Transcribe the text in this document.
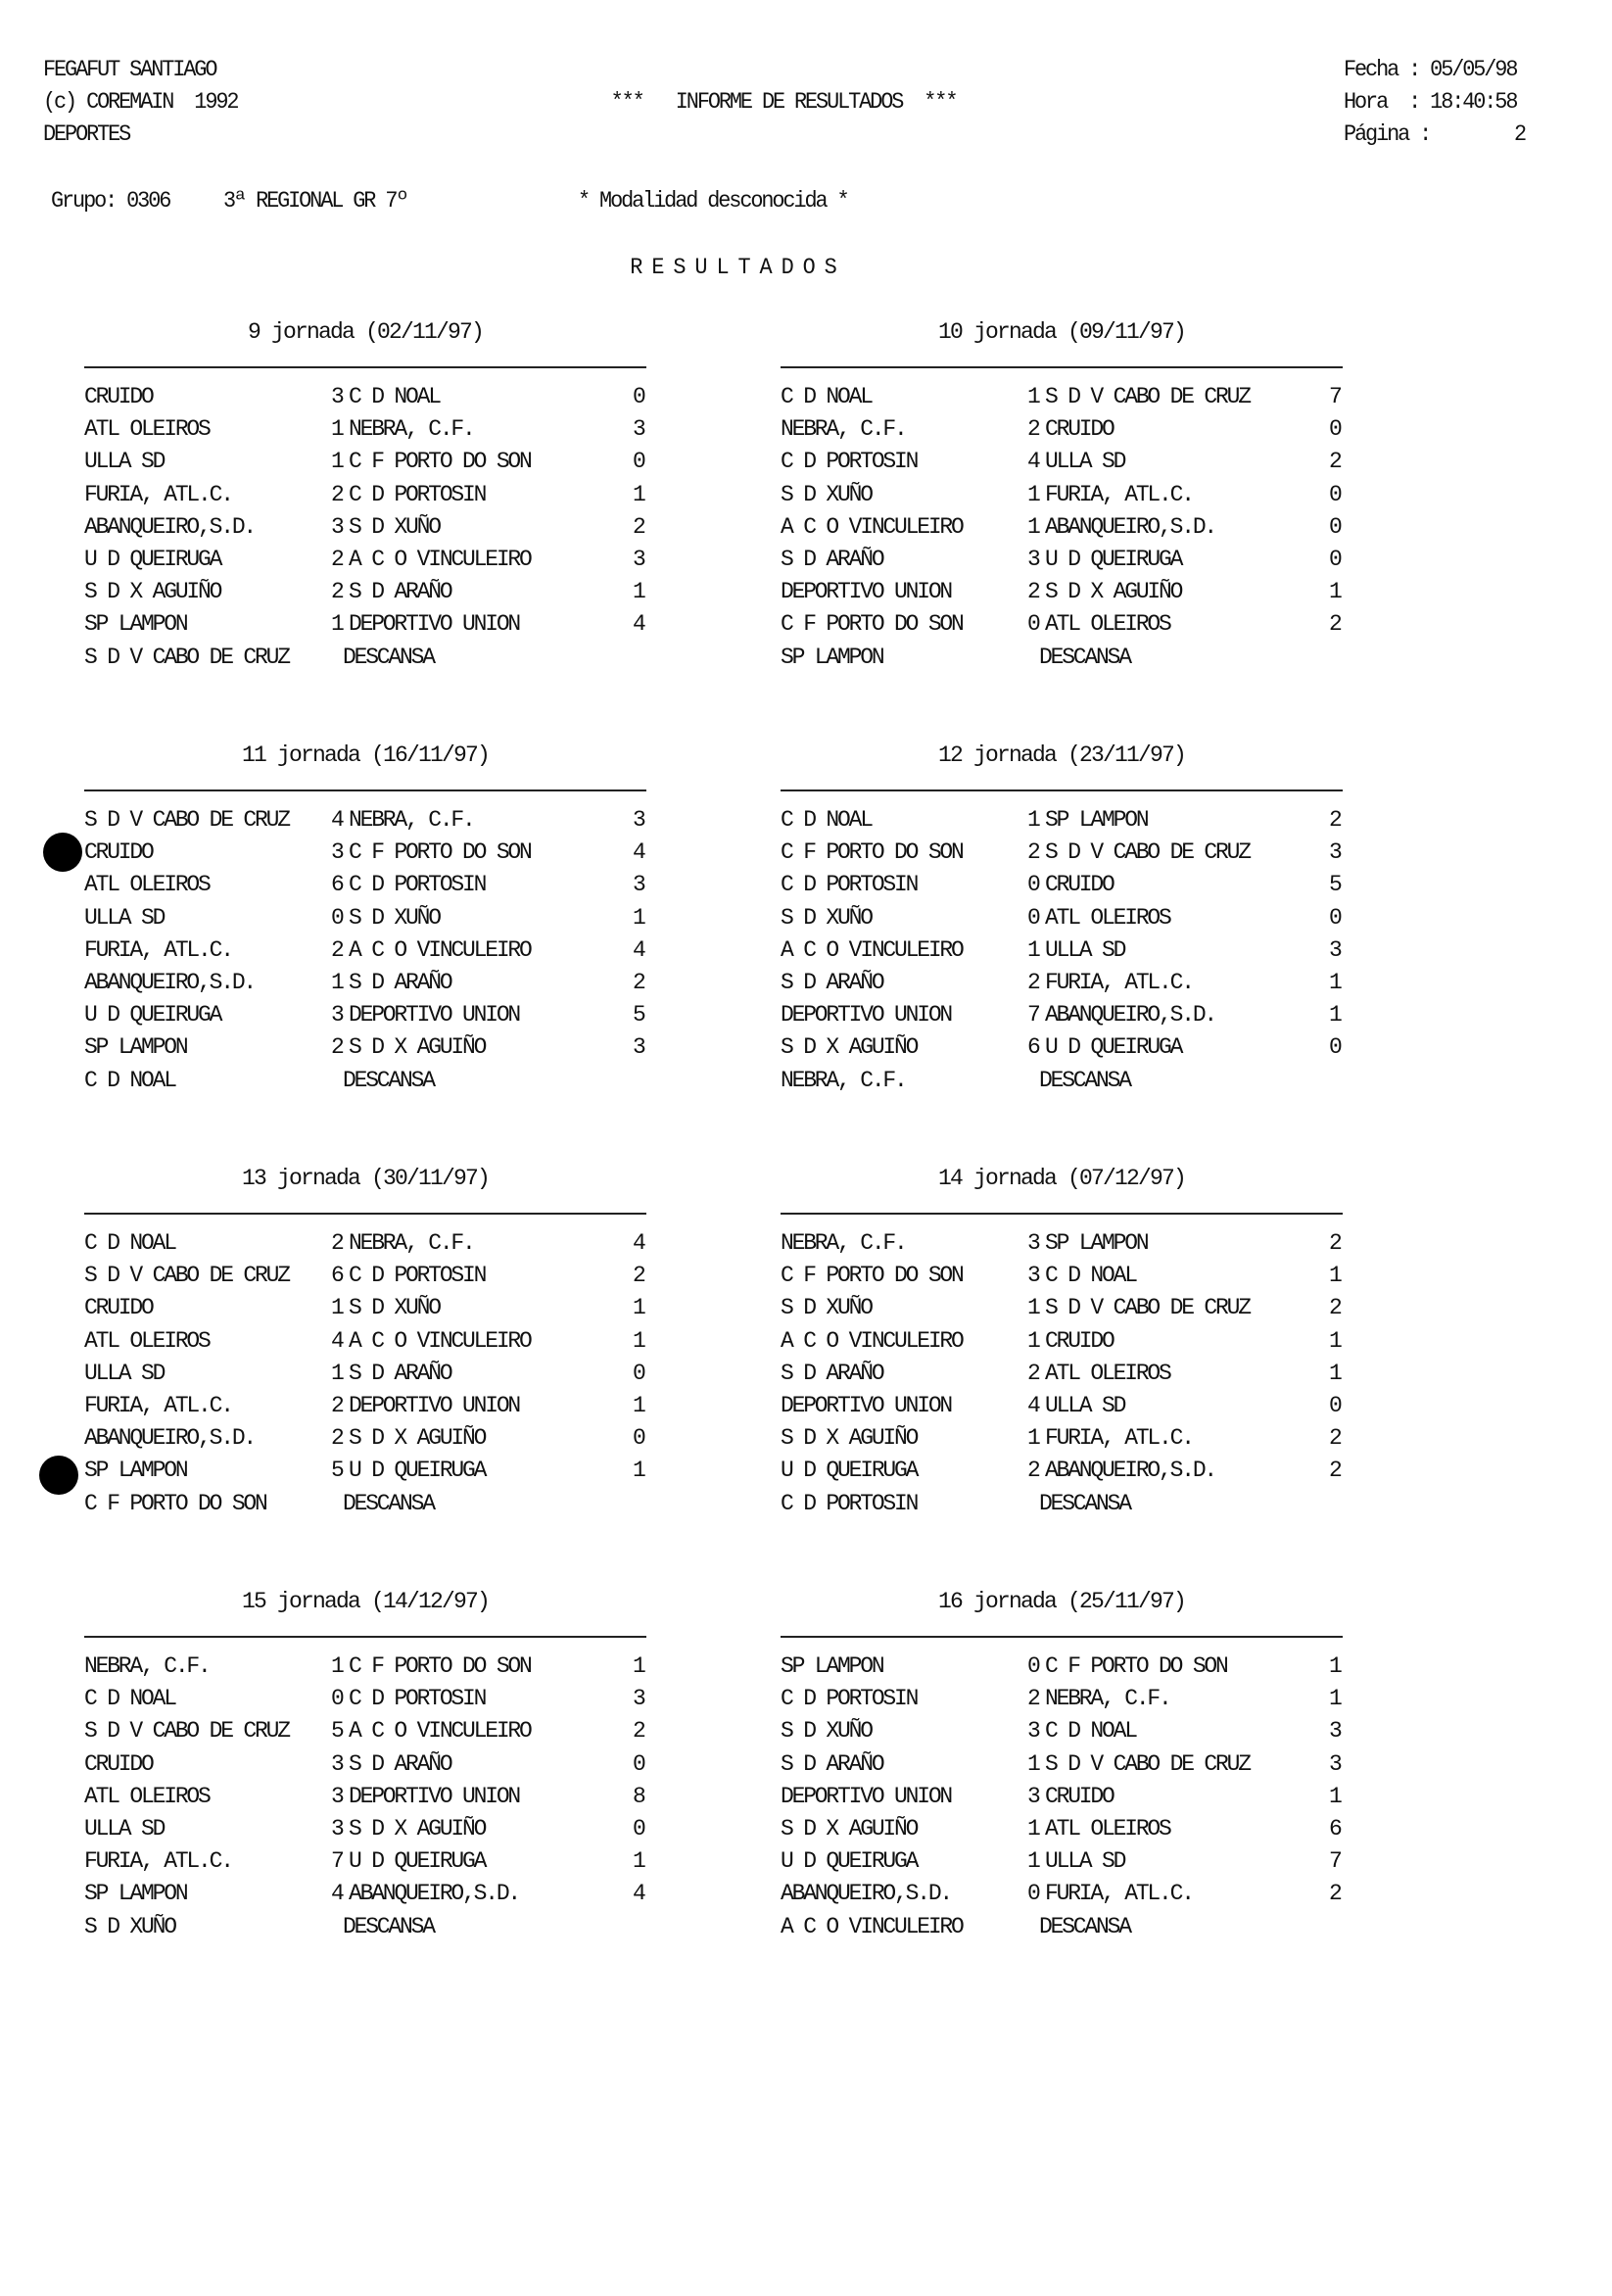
FEGAFUT SANTIAGO
(c) COREMAIN  1992
DEPORTES
***   INFORME DE RESULTADOS  ***
Fecha : 05/05/98
Hora  : 18:40:58
Página :	2
Grupo: 0306 3ª REGIONAL GR 7º	* Modalidad desconocida *
R E S U L T A D O S
9 jornada (02/11/97)
CRUIDO	3 C D NOAL	0
ATL OLEIROS	1 NEBRA, C.F.	3
ULLA SD	1 C F PORTO DO SON	0
FURIA, ATL.C.	2 C D PORTOSIN	1
ABANQUEIRO,S.D.	3 S D XUÑO	2
U D QUEIRUGA	2 A C O VINCULEIRO	3
S D X AGUIÑO	2 S D ARAÑO	1
SP LAMPON	1 DEPORTIVO UNION	4
S D V CABO DE CRUZ DESCANSA
10 jornada (09/11/97)
C D NOAL	1 S D V CABO DE CRUZ	7
NEBRA, C.F.	2 CRUIDO	0
C D PORTOSIN	4 ULLA SD	2
S D XUÑO	1 FURIA, ATL.C.	0
A C O VINCULEIRO	1 ABANQUEIRO,S.D.	0
S D ARAÑO	3 U D QUEIRUGA	0
DEPORTIVO UNION	2 S D X AGUIÑO	1
C F PORTO DO SON	0 ATL OLEIROS	2
SP LAMPON	DESCANSA
11 jornada (16/11/97)
S D V CABO DE CRUZ 4 NEBRA, C.F.	3
CRUIDO	3 C F PORTO DO SON	4
ATL OLEIROS	6 C D PORTOSIN	3
ULLA SD	0 S D XUÑO	1
FURIA, ATL.C.	2 A C O VINCULEIRO	4
ABANQUEIRO,S.D.	1 S D ARAÑO	2
U D QUEIRUGA	3 DEPORTIVO UNION	5
SP LAMPON	2 S D X AGUIÑO	3
C D NOAL	DESCANSA
12 jornada (23/11/97)
C D NOAL	1 SP LAMPON	2
C F PORTO DO SON	2 S D V CABO DE CRUZ	3
C D PORTOSIN	0 CRUIDO	5
S D XUÑO	0 ATL OLEIROS	0
A C O VINCULEIRO	1 ULLA SD	3
S D ARAÑO	2 FURIA, ATL.C.	1
DEPORTIVO UNION	7 ABANQUEIRO,S.D.	1
S D X AGUIÑO	6 U D QUEIRUGA	0
NEBRA, C.F.	DESCANSA
13 jornada (30/11/97)
C D NOAL	2 NEBRA, C.F.	4
S D V CABO DE CRUZ 6 C D PORTOSIN	2
CRUIDO	1 S D XUÑO	1
ATL OLEIROS	4 A C O VINCULEIRO	1
ULLA SD	1 S D ARAÑO	0
FURIA, ATL.C.	2 DEPORTIVO UNION	1
ABANQUEIRO,S.D.	2 S D X AGUIÑO	0
SP LAMPON	5 U D QUEIRUGA	1
C F PORTO DO SON	DESCANSA
14 jornada (07/12/97)
NEBRA, C.F.	3 SP LAMPON	2
C F PORTO DO SON	3 C D NOAL	1
S D XUÑO	1 S D V CABO DE CRUZ	2
A C O VINCULEIRO	1 CRUIDO	1
S D ARAÑO	2 ATL OLEIROS	1
DEPORTIVO UNION	4 ULLA SD	0
S D X AGUIÑO	1 FURIA, ATL.C.	2
U D QUEIRUGA	2 ABANQUEIRO,S.D.	2
C D PORTOSIN	DESCANSA
15 jornada (14/12/97)
NEBRA, C.F.	1 C F PORTO DO SON	1
C D NOAL	0 C D PORTOSIN	3
S D V CABO DE CRUZ 5 A C O VINCULEIRO	2
CRUIDO	3 S D ARAÑO	0
ATL OLEIROS	3 DEPORTIVO UNION	8
ULLA SD	3 S D X AGUIÑO	0
FURIA, ATL.C.	7 U D QUEIRUGA	1
SP LAMPON	4 ABANQUEIRO,S.D.	4
S D XUÑO	DESCANSA
16 jornada (25/11/97)
SP LAMPON	0 C F PORTO DO SON	1
C D PORTOSIN	2 NEBRA, C.F.	1
S D XUÑO	3 C D NOAL	3
S D ARAÑO	1 S D V CABO DE CRUZ	3
DEPORTIVO UNION	3 CRUIDO	1
S D X AGUIÑO	1 ATL OLEIROS	6
U D QUEIRUGA	1 ULLA SD	7
ABANQUEIRO,S.D.	0 FURIA, ATL.C.	2
A C O VINCULEIRO	DESCANSA
